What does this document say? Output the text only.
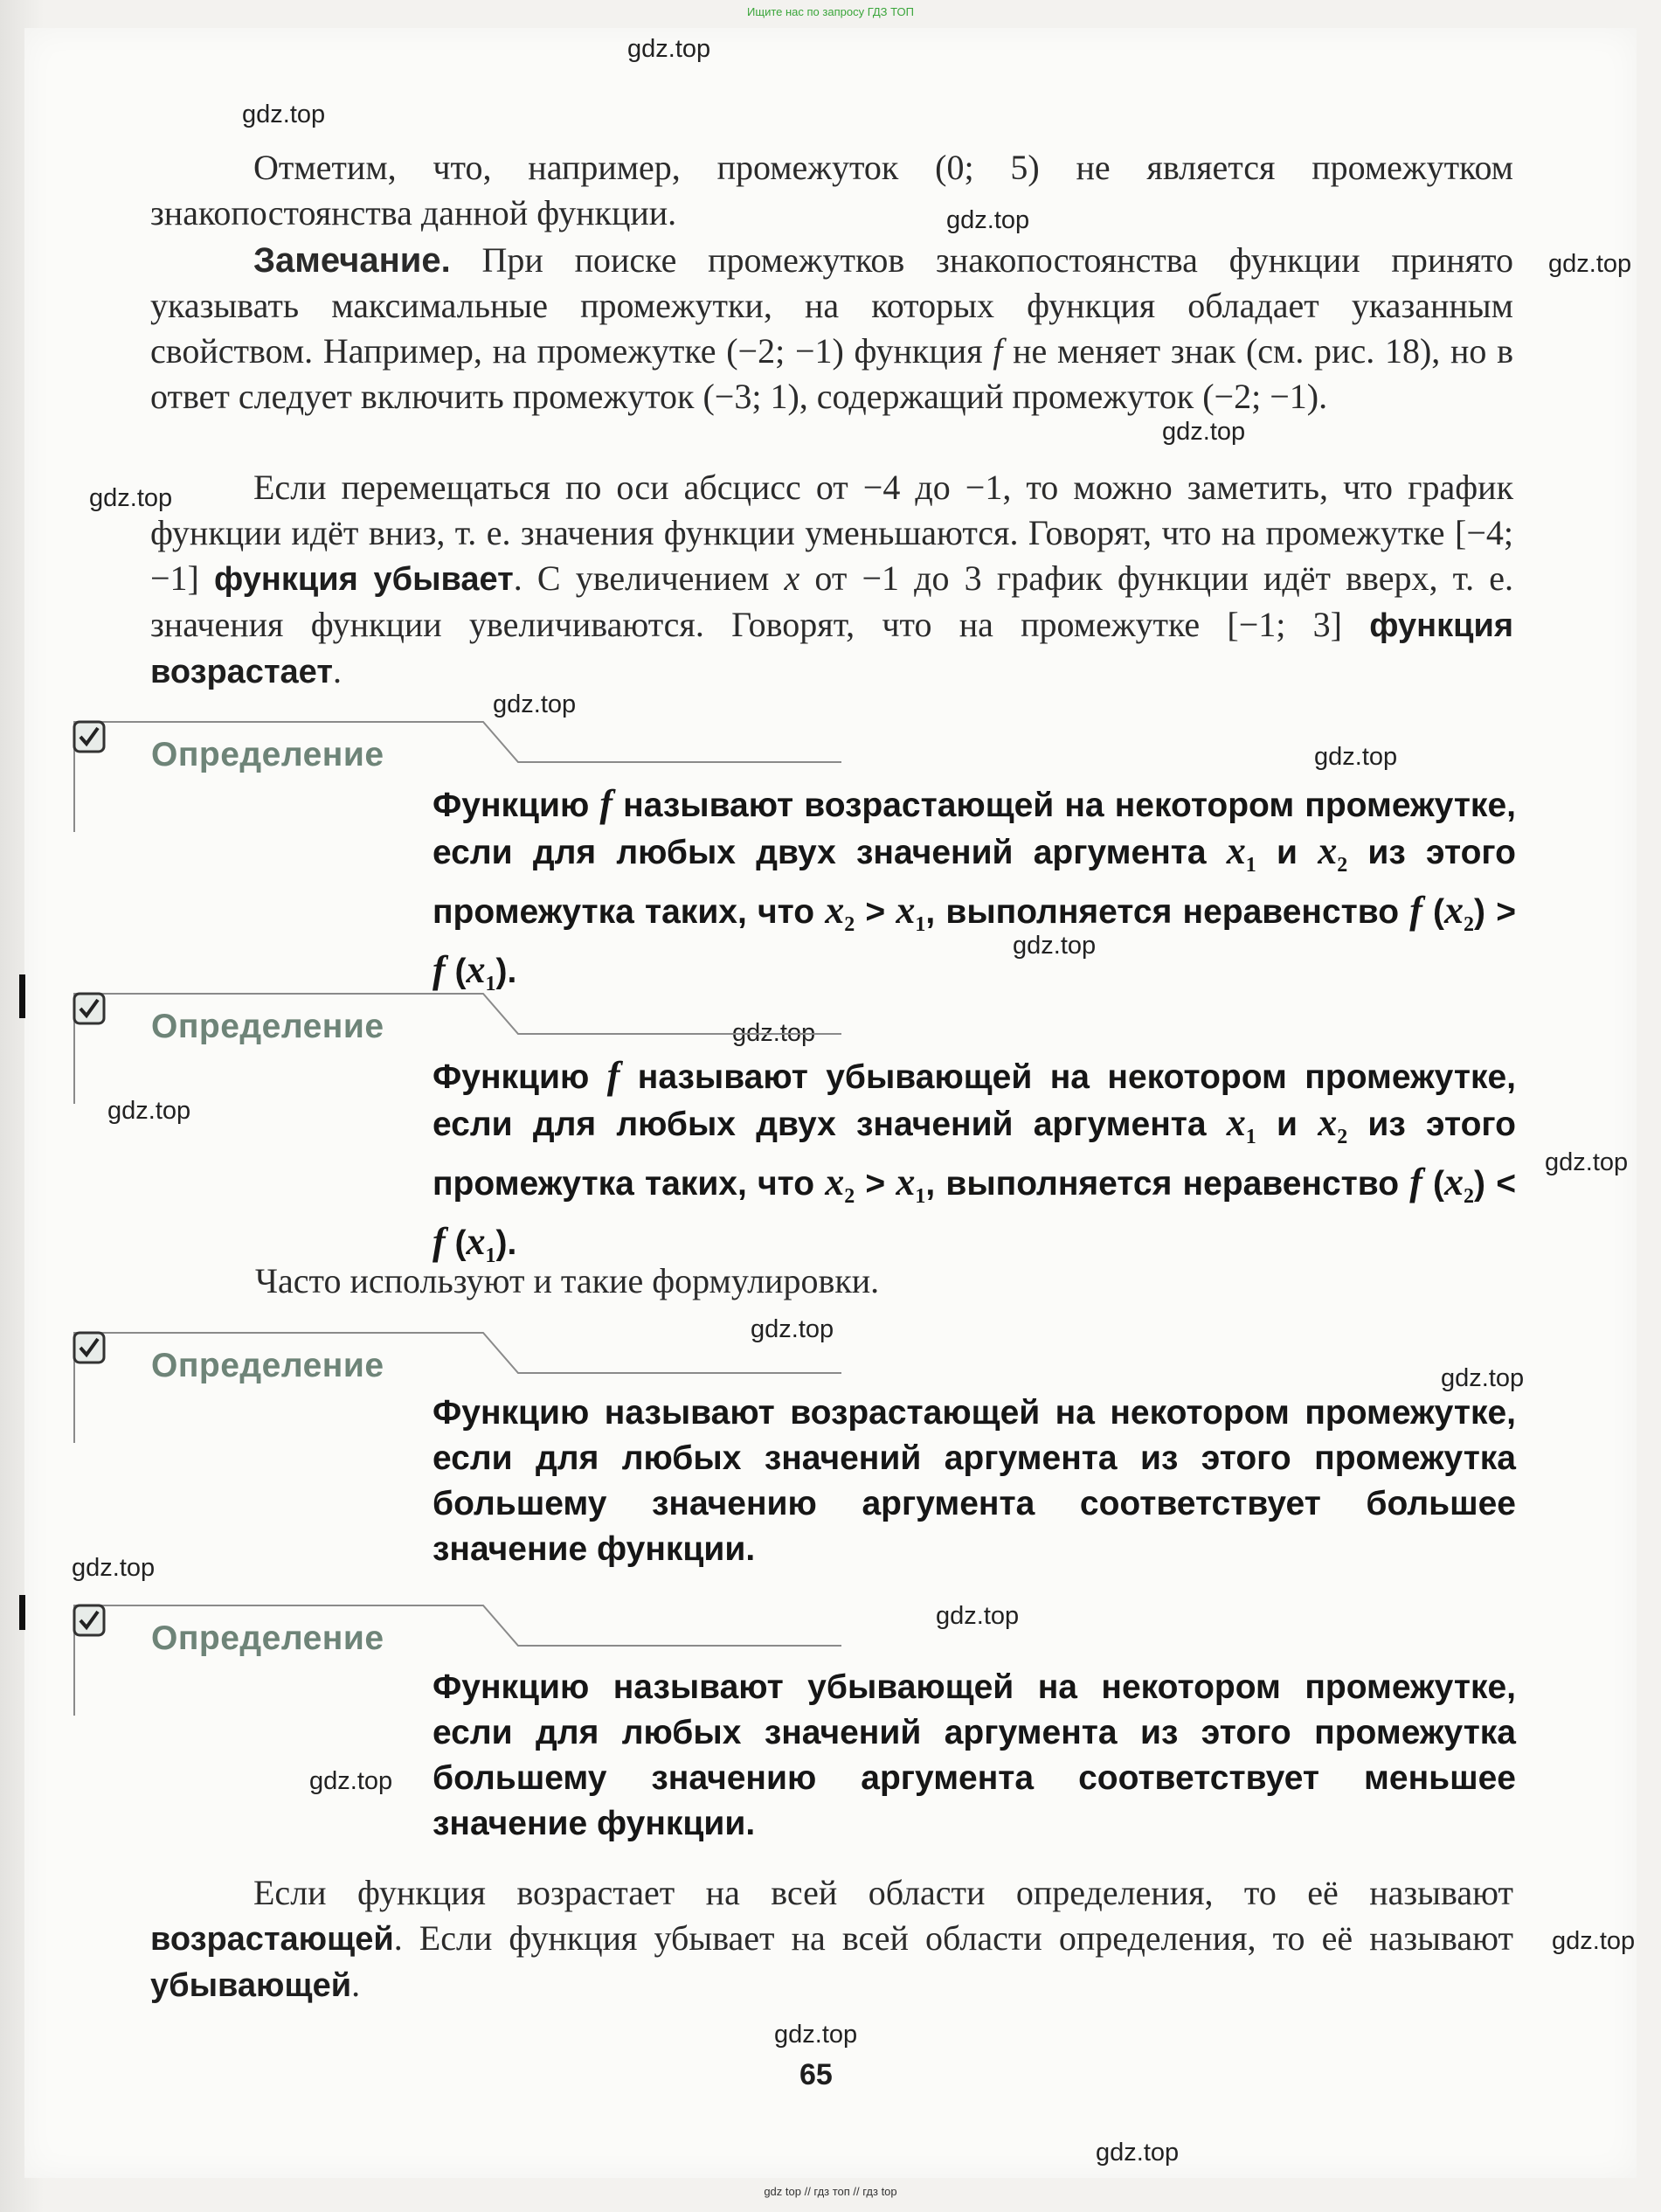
Ищите нас по запросу ГДЗ ТОП
gdz.top
gdz.top
gdz.top
gdz.top
gdz.top
gdz.top
gdz.top
gdz.top
gdz.top
gdz.top
gdz.top
gdz.top
gdz.top
gdz.top
gdz.top
gdz.top
gdz.top
gdz.top
gdz.top
gdz.top

Отметим, что, например, промежуток (0; 5) не является промежутком знакопостоянства данной функции.

Замечание. При поиске промежутков знакопостоянства функции принято указывать максимальные промежутки, на которых функция обладает указанным свойством. Например, на промежутке (−2; −1) функция f не меняет знак (см. рис. 18), но в ответ следует включить промежуток (−3; 1), содержащий промежуток (−2; −1).

Если перемещаться по оси абсцисс от −4 до −1, то можно заметить, что график функции идёт вниз, т. е. значения функции уменьшаются. Говорят, что на промежутке [−4; −1] функция убывает. С увеличением x от −1 до 3 график функции идёт вверх, т. е. значения функции увеличиваются. Говорят, что на промежутке [−1; 3] функция возрастает.

Определение

Функцию f называют возрастающей на некотором промежутке, если для любых двух значений аргумента $x_1$ и $x_2$ из этого промежутка таких, что $x_2 > x_1$, выполняется неравенство f $(x_2) > f$ $(x_1)$.

Определение

Функцию f называют убывающей на некотором промежутке, если для любых двух значений аргумента $x_1$ и $x_2$ из этого промежутка таких, что $x_2 > x_1$, выполняется неравенство f $(x_2) < f$ $(x_1)$.

Часто используют и такие формулировки.
Определение

Функцию называют возрастающей на некотором промежутке, если для любых значений аргумента из этого промежутка большему значению аргумента соответствует большее значение функции.

Определение

Функцию называют убывающей на некотором промежутке, если для любых значений аргумента из этого промежутка большему значению аргумента соответствует меньшее значение функции.

Если функция возрастает на всей области определения, то её называют возрастающей. Если функция убывает на всей области определения, то её называют убывающей.

65
gdz top // гдз топ // гдз top
